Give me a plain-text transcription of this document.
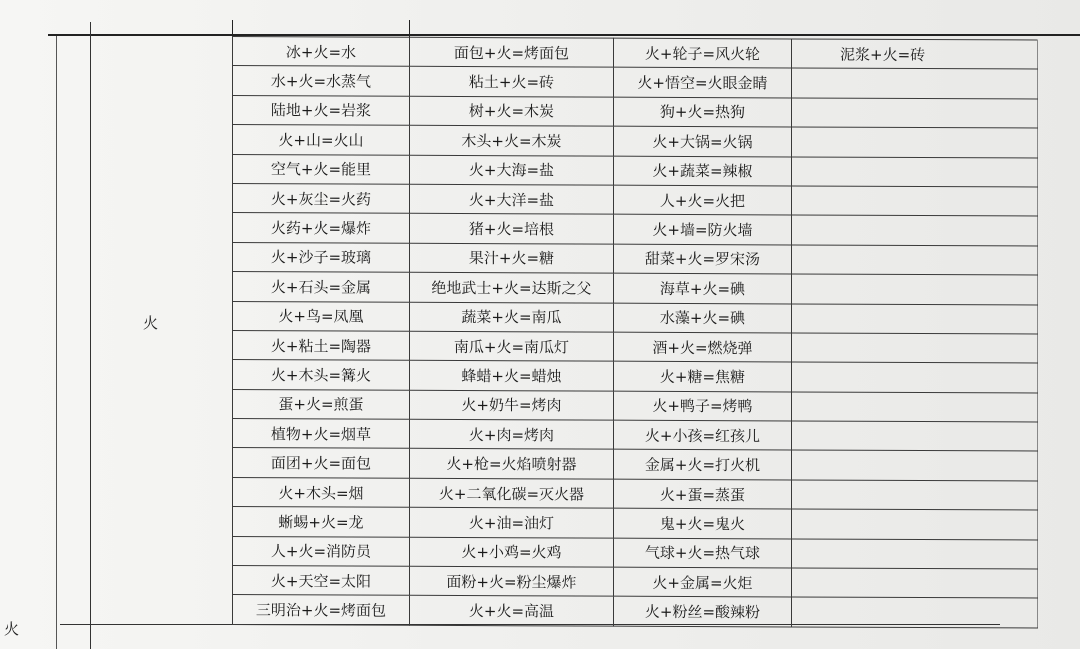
火
火
冰+火=水	面包+火=烤面包	火+轮子=风火轮	泥浆+火=砖
水+火=水蒸气	粘土+火=砖	火+悟空=火眼金睛	
陆地+火=岩浆	树+火=木炭	狗+火=热狗	
火+山=火山	木头+火=木炭	火+大锅=火锅	
空气+火=能里	火+大海=盐	火+蔬菜=辣椒	
火+灰尘=火药	火+大洋=盐	人+火=火把	
火药+火=爆炸	猪+火=培根	火+墙=防火墙	
火+沙子=玻璃	果汁+火=糖	甜菜+火=罗宋汤	
火+石头=金属	绝地武士+火=达斯之父	海草+火=碘	
火+鸟=凤凰	蔬菜+火=南瓜	水藻+火=碘	
火+粘土=陶器	南瓜+火=南瓜灯	酒+火=燃烧弹	
火+木头=篝火	蜂蜡+火=蜡烛	火+糖=焦糖	
蛋+火=煎蛋	火+奶牛=烤肉	火+鸭子=烤鸭	
植物+火=烟草	火+肉=烤肉	火+小孩=红孩儿	
面团+火=面包	火+枪=火焰喷射器	金属+火=打火机	
火+木头=烟	火+二氧化碳=灭火器	火+蛋=蒸蛋	
蜥蜴+火=龙	火+油=油灯	鬼+火=鬼火	
人+火=消防员	火+小鸡=火鸡	气球+火=热气球	
火+天空=太阳	面粉+火=粉尘爆炸	火+金属=火炬	
三明治+火=烤面包	火+火=高温	火+粉丝=酸辣粉	
